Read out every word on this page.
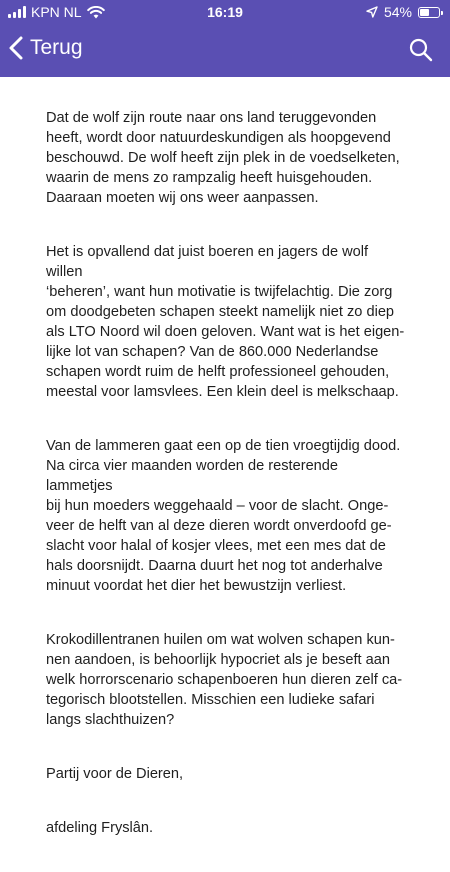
KPN NL	16:19	54%
Terug

Dat de wolf zijn route naar ons land teruggevonden
heeft, wordt door natuurdeskundigen als hoopgevend
beschouwd. De wolf heeft zijn plek in de voedselketen,
waarin de mens zo rampzalig heeft huisgehouden.
Daaraan moeten wij ons weer aanpassen.

Het is opvallend dat juist boeren en jagers de wolf willen
‘beheren’, want hun motivatie is twijfelachtig. Die zorg
om doodgebeten schapen steekt namelijk niet zo diep
als LTO Noord wil doen geloven. Want wat is het eigen-
lijke lot van schapen? Van de 860.000 Nederlandse
schapen wordt ruim de helft professioneel gehouden,
meestal voor lamsvlees. Een klein deel is melkschaap.

Van de lammeren gaat een op de tien vroegtijdig dood.
Na circa vier maanden worden de resterende lammetjes
bij hun moeders weggehaald – voor de slacht. Onge-
veer de helft van al deze dieren wordt onverdoofd ge-
slacht voor halal of kosjer vlees, met een mes dat de
hals doorsnijdt. Daarna duurt het nog tot anderhalve
minuut voordat het dier het bewustzijn verliest.

Krokodillentranen huilen om wat wolven schapen kun-
nen aandoen, is behoorlijk hypocriet als je beseft aan
welk horrorscenario schapenboeren hun dieren zelf ca-
tegorisch blootstellen. Misschien een ludieke safari
langs slachthuizen?

Partij voor de Dieren,

afdeling Fryslân.
